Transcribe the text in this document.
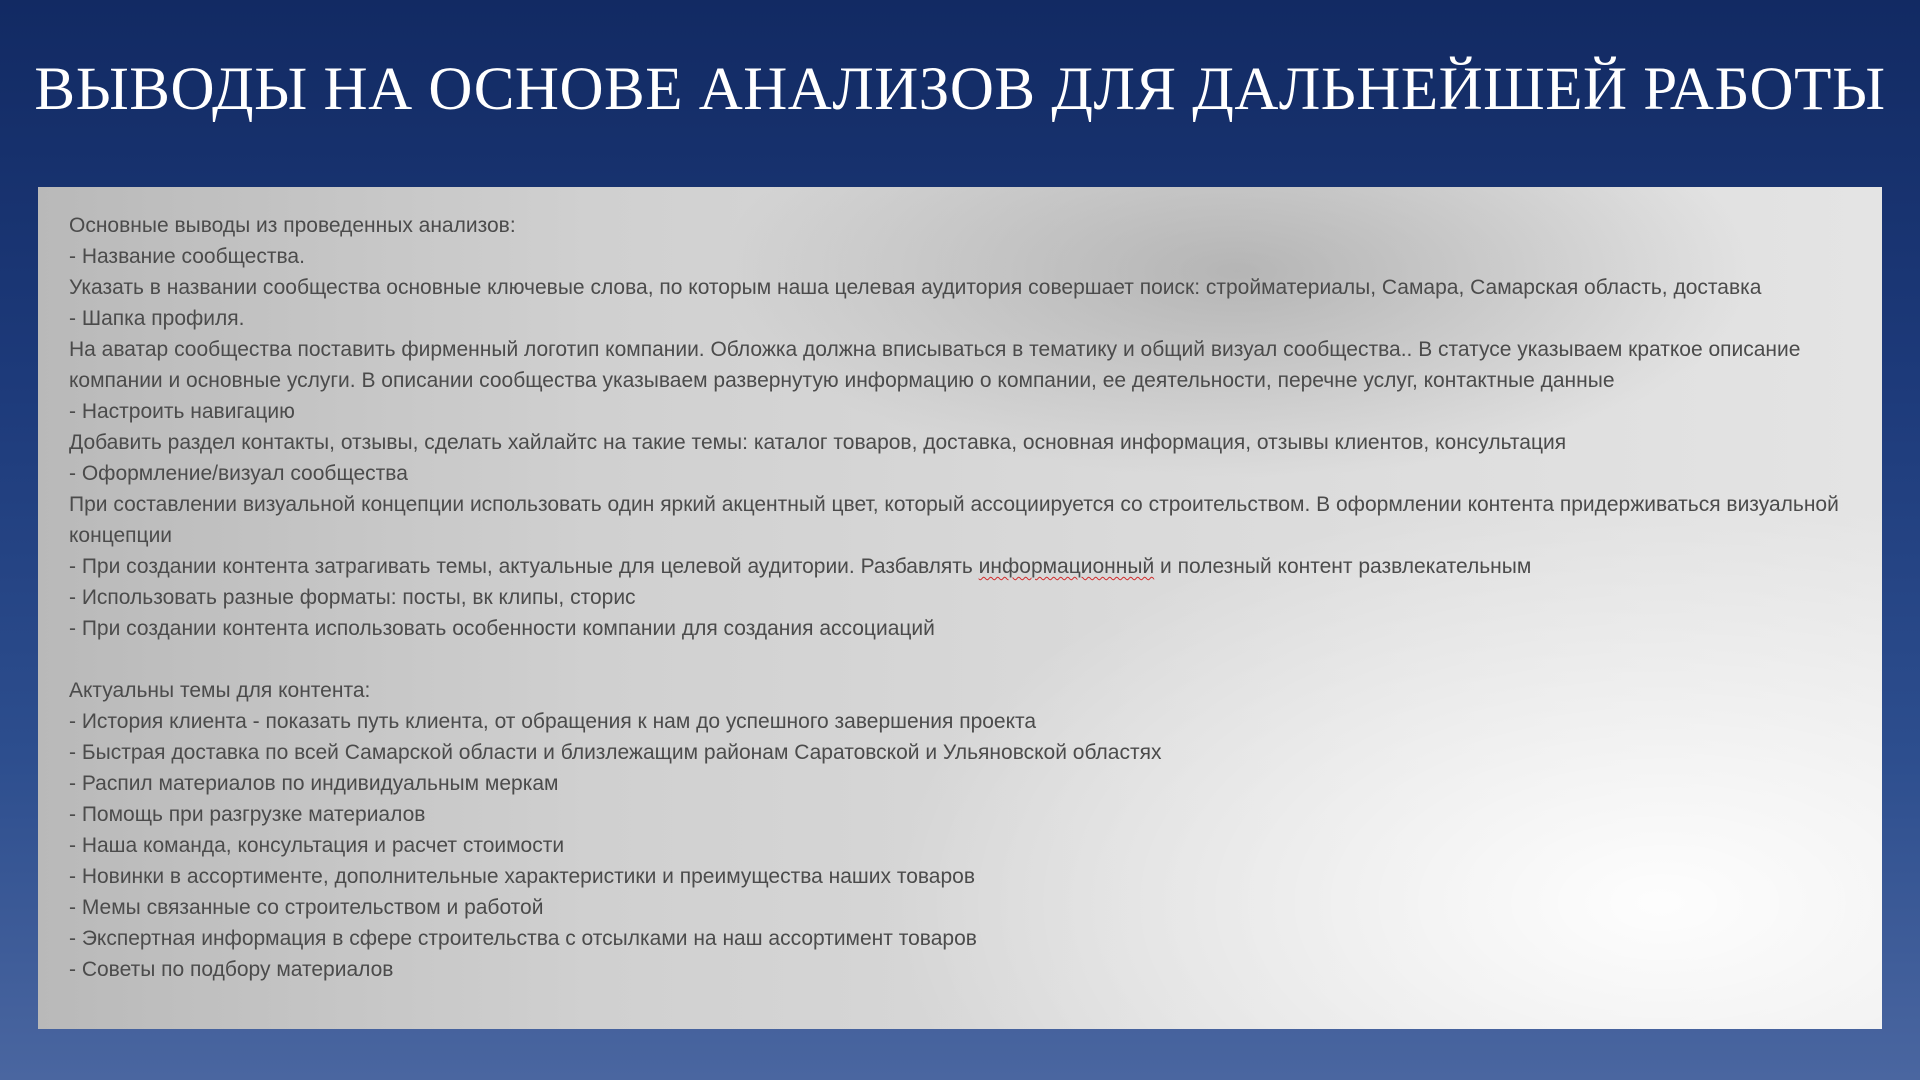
ВЫВОДЫ НА ОСНОВЕ АНАЛИЗОВ ДЛЯ ДАЛЬНЕЙШЕЙ РАБОТЫ
Основные выводы из проведенных анализов:
- Название сообщества.
Указать в названии сообщества основные ключевые слова, по которым наша целевая аудитория совершает поиск: стройматериалы, Самара, Самарская область, доставка
- Шапка профиля.
На аватар сообщества поставить фирменный логотип компании. Обложка должна вписываться в тематику и общий визуал сообщества.. В статусе указываем краткое описание компании и основные услуги. В описании сообщества указываем развернутую информацию о компании, ее деятельности, перечне услуг, контактные данные
- Настроить навигацию
Добавить раздел контакты, отзывы, сделать хайлайтс на такие темы: каталог товаров, доставка, основная информация, отзывы клиентов, консультация
- Оформление/визуал сообщества
При составлении визуальной концепции использовать один яркий акцентный цвет, который ассоциируется со строительством. В оформлении контента придерживаться визуальной концепции
- При создании контента затрагивать темы, актуальные для целевой аудитории. Разбавлять информационный и полезный контент развлекательным
- Использовать разные форматы: посты, вк клипы, сторис
- При создании контента использовать особенности компании для создания ассоциаций
Актуальны темы для контента:
- История клиента - показать путь клиента, от обращения к нам до успешного завершения проекта
- Быстрая доставка по всей Самарской области и близлежащим районам Саратовской и Ульяновской областях
- Распил материалов по индивидуальным меркам
- Помощь при разгрузке материалов
- Наша команда, консультация и расчет стоимости
- Новинки в ассортименте, дополнительные характеристики и преимущества наших товаров
- Мемы связанные со строительством и работой
- Экспертная информация в сфере строительства с отсылками на наш ассортимент товаров
- Советы по подбору материалов
